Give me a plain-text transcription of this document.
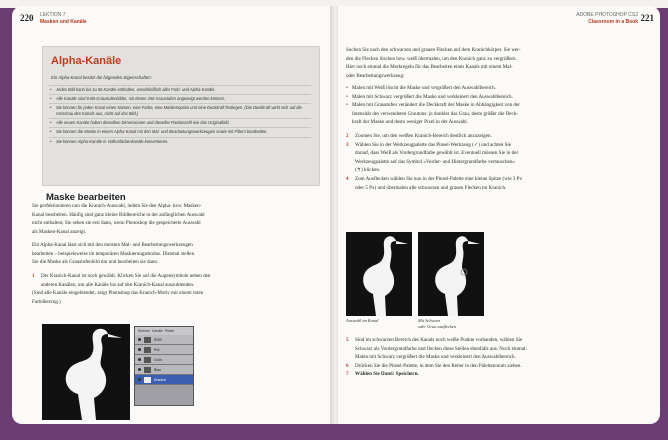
220 LEKTION 7
Masken und Kanäle
Alpha-Kanäle
Ein Alpha-Kanal besitzt die folgenden Eigenschaften:
• Jedes Bild kann bis zu 56 Kanäle enthalten, einschließlich aller Farb- und Alpha-Kanäle.
• Alle Kanäle sind 8-Bit-Graustufenbilder, mit denen 256 Graustufen angezeigt werden können.
• Sie können für jeden Kanal einen Namen, eine Farbe, eine Maskenoption und eine Deckkraft festlegen. (Die Deckkraft wirkt sich auf die Vorschau des Kanals aus, nicht auf das Bild.)
• Alle neuen Kanäle haben dieselben Dimensionen und dieselbe Pixelanzahl wie das Originalbild.
• Sie können die Maske in einem Alpha-Kanal mit den Mal- und Bearbeitungswerkzeugen sowie mit Filtern bearbeiten.
• Sie können Alpha-Kanäle in Volltonfarbenkanäle konvertieren.
Maske bearbeiten
Sie perfektionieren nun die Kranich-Auswahl, indem Sie den Alpha- bzw. Masken-
Kanal bearbeiten. Häufig sind ganz kleine Bildbereiche in der anfänglichen Auswahl
nicht enthalten; Sie sehen sie erst dann, wenn Photoshop die gespeicherte Auswahl
als Masken-Kanal anzeigt.
Ein Alpha-Kanal lässt sich mit den meisten Mal- und Bearbeitungswerkzeugen
bearbeiten – beispielsweise im temporären Maskierungsmodus. Diesmal stellen
Sie die Maske als Graustufenbild dar und bearbeiten sie dann.
1 Der Kranich-Kanal ist noch gewählt. Klicken Sie auf die Augensymbole neben den
anderen Kanälen, um alle Kanäle bis auf den Kranich-Kanal auszublenden.
(Sind alle Kanäle eingeblendet, zeigt Photoshop das Kranich-Motiv mit einem roten
Farbüberzug.)
Ebenen Kanäle Pfade
RGB
Rot
Grün
Blau
Kranich
ADOBE PHOTOSHOP CS2
Classroom in a Book 221
Suchen Sie nach den schwarzen und grauen Flecken auf dem Kranichkörper. Sie wer-
den die Flecken löschen bzw. weiß übermalen, um den Kranich ganz zu vergrößern.
Hier noch einmal die Merkregeln für das Bearbeiten eines Kanals mit einem Mal-
oder Bearbeitungswerkzeug:
• Malen mit Weiß löscht die Maske und vergrößert den Auswahlbereich.
• Malen mit Schwarz vergrößert die Maske und verkleinert den Auswahlbereich.
• Malen mit Graustufen verändert die Deckkraft der Maske in Abhängigkeit von der
Intensität des verwendeten Grautons: je dunkler das Grau, desto größer die Deck-
kraft der Maske und desto weniger Pixel in der Auswahl.
2 Zoomen Sie, um den weißen Kranich-Bereich deutlich anzuzeigen.
3 Wählen Sie in der Werkzeugpalette das Pinsel-Werkzeug (✓) und achten Sie
darauf, dass Weiß als Vordergrundfarbe gewählt ist. Eventuell müssen Sie in der
Werkzeugpalette auf das Symbol »Vorder- und Hintergrundfarbe vertauschen«
(↰) klicken.
4 Zum Ausflecken wählen Sie nun in der Pinsel-Palette eine kleine Spitze (wie 3 Px
oder 5 Px) und übermalen alle schwarzen und grauen Flecken im Kranich.
Auswahl im Kanal	Mit Schwarz
oder Grau ausflecken
5 Sind im schwarzen Bereich des Kanals noch weiße Punkte vorhanden, wählen Sie
Schwarz als Vordergrundfarbe und flecken diese Stellen ebenfalls aus. Noch einmal:
Malen mit Schwarz vergrößert die Maske und verkleinert den Auswahlbereich.
6 Drücken Sie die Pinsel-Palette, in dem Sie den Reiter in den Palettenraum ziehen.
7 Wählen Sie Datei: Speichern.
